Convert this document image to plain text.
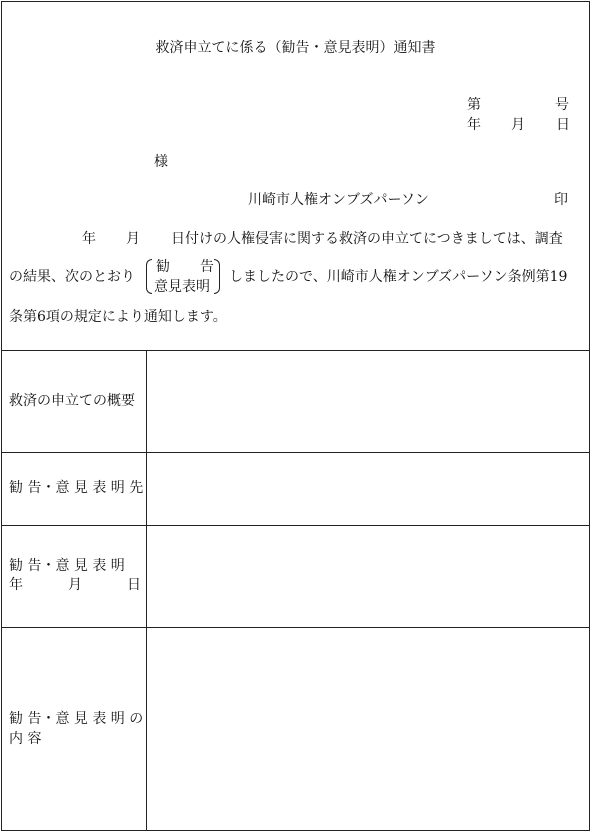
救済申立てに係る（勧告・意見表明）通知書
第	号
年 月 日
様
川崎市人権オンブズパーソン	印
年 月 日付けの人権侵害に関する救済の申立てにつきましては、調査
の結果、次のとおり
勧 告
意見表明
しましたので、川崎市人権オンブズパーソン条例第19
条第6項の規定により通知します。
救済の申立ての概要
勧 告・意 見 表 明 先
勧 告・意 見 表 明
年	月	日
勧 告・意 見 表 明 の
内 容
